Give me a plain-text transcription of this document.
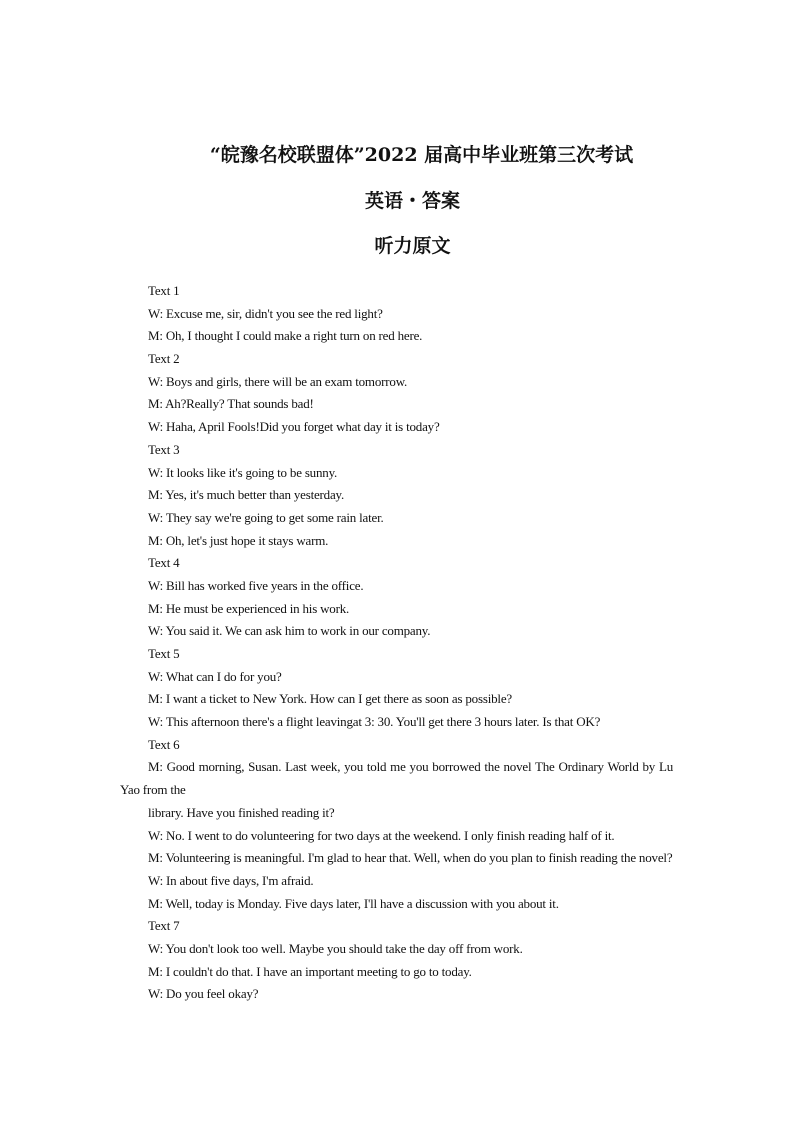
“皖豫名校联盟体”2022 届高中毕业班第三次考试
英语・答案
听力原文
Text 1
W: Excuse me, sir, didn't you see the red light?
M: Oh, I thought I could make a right turn on red here.
Text 2
W: Boys and girls, there will be an exam tomorrow.
M: Ah?Really? That sounds bad!
W: Haha, April Fools!Did you forget what day it is today?
Text 3
W: It looks like it's going to be sunny.
M: Yes, it's much better than yesterday.
W: They say we're going to get some rain later.
M: Oh, let's just hope it stays warm.
Text 4
W: Bill has worked five years in the office.
M: He must be experienced in his work.
W: You said it. We can ask him to work in our company.
Text 5
W: What can I do for you?
M: I want a ticket to New York. How can I get there as soon as possible?
W: This afternoon there's a flight leavingat 3: 30. You'll get there 3 hours later. Is that OK?
Text 6
M: Good morning, Susan. Last week, you told me you borrowed the novel The Ordinary World by Lu Yao from the
library. Have you finished reading it?
W: No. I went to do volunteering for two days at the weekend. I only finish reading half of it.
M: Volunteering is meaningful. I'm glad to hear that. Well, when do you plan to finish reading the novel?
W: In about five days, I'm afraid.
M: Well, today is Monday. Five days later, I'll have a discussion with you about it.
Text 7
W: You don't look too well. Maybe you should take the day off from work.
M: I couldn't do that. I have an important meeting to go to today.
W: Do you feel okay?
